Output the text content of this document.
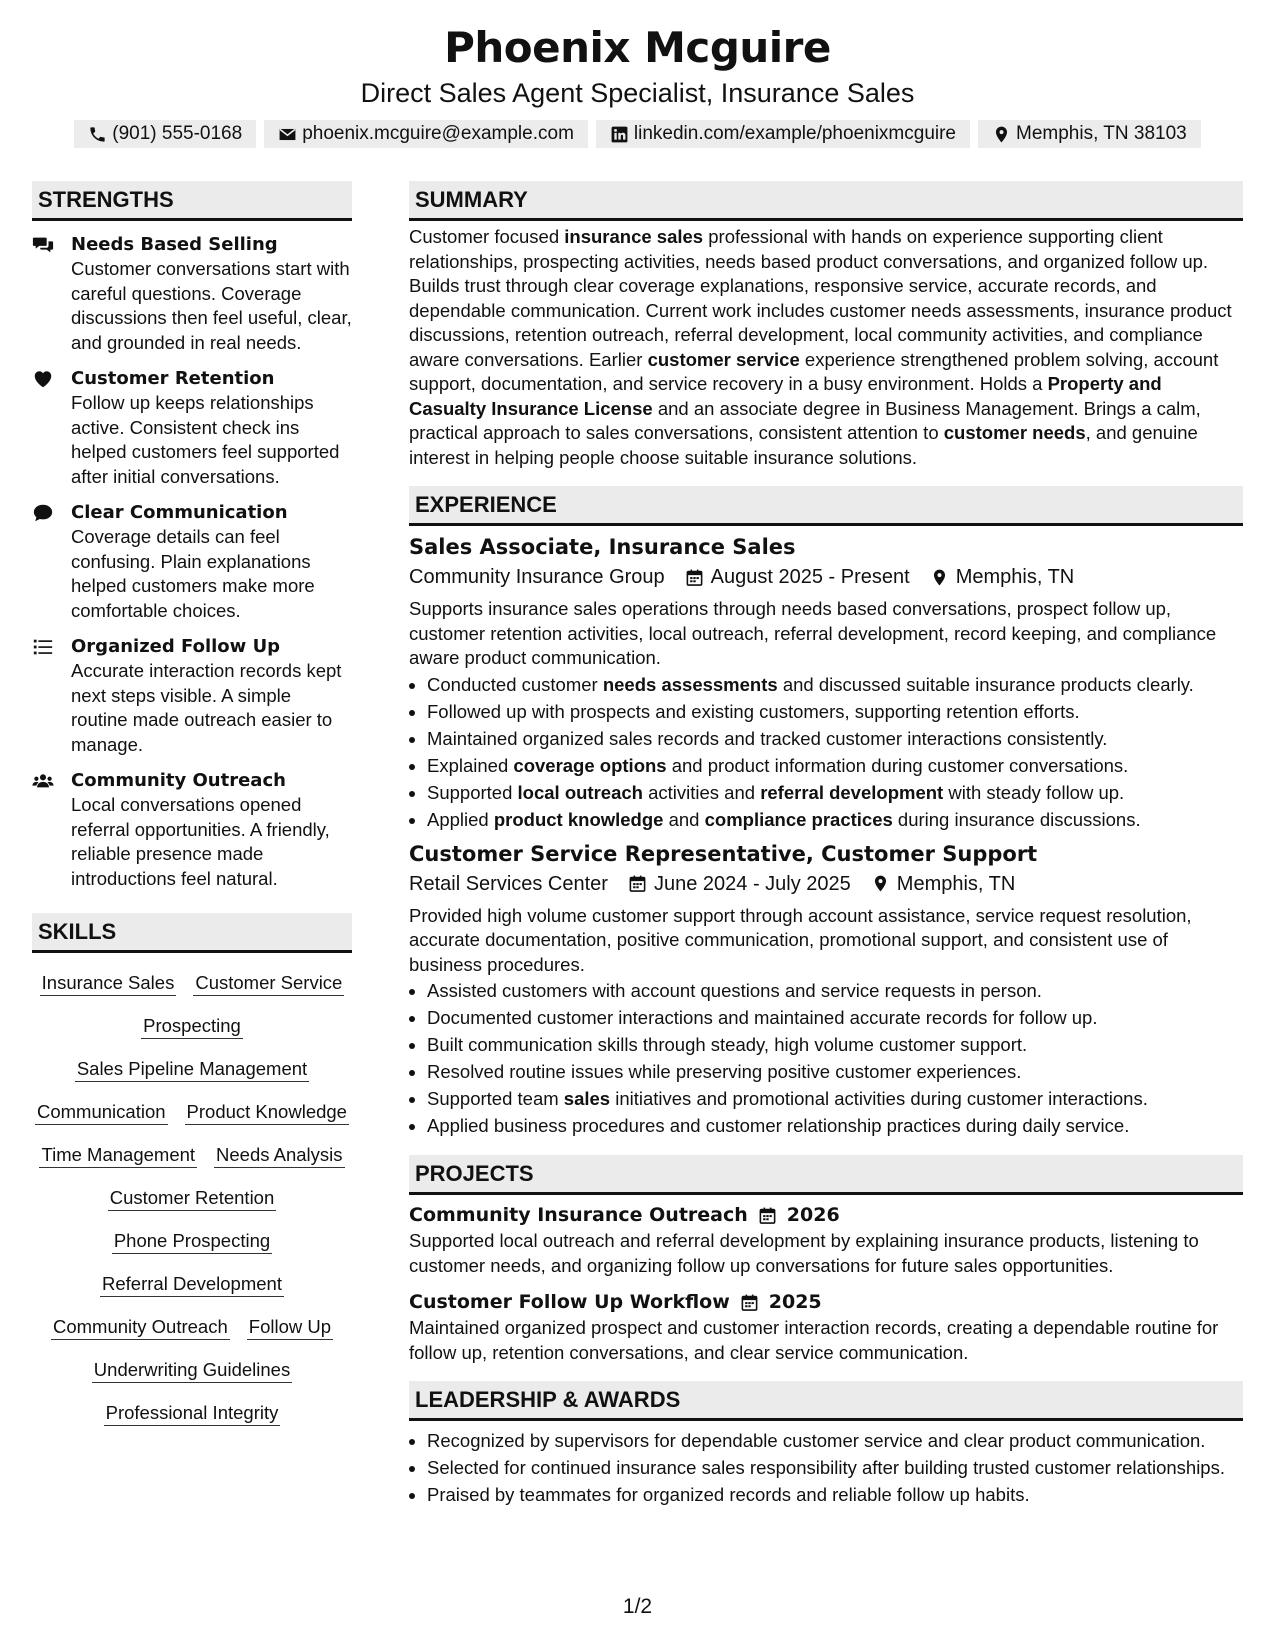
Phoenix Mcguire
Direct Sales Agent Specialist, Insurance Sales
(901) 555-0168	phoenix.mcguire@example.com	linkedin.com/example/phoenixmcguire	Memphis, TN 38103
STRENGTHS
Needs Based Selling
Customer conversations start with careful questions. Coverage discussions then feel useful, clear, and grounded in real needs.
Customer Retention
Follow up keeps relationships active. Consistent check ins helped customers feel supported after initial conversations.
Clear Communication
Coverage details can feel confusing. Plain explanations helped customers make more comfortable choices.
Organized Follow Up
Accurate interaction records kept next steps visible. A simple routine made outreach easier to manage.
Community Outreach
Local conversations opened referral opportunities. A friendly, reliable presence made introductions feel natural.
SKILLS
Insurance Sales Customer Service
Prospecting
Sales Pipeline Management
Communication Product Knowledge
Time Management Needs Analysis
Customer Retention
Phone Prospecting
Referral Development
Community Outreach Follow Up
Underwriting Guidelines
Professional Integrity
SUMMARY
Customer focused insurance sales professional with hands on experience supporting client relationships, prospecting activities, needs based product conversations, and organized follow up. Builds trust through clear coverage explanations, responsive service, accurate records, and dependable communication. Current work includes customer needs assessments, insurance product discussions, retention outreach, referral development, local community activities, and compliance aware conversations. Earlier customer service experience strengthened problem solving, account support, documentation, and service recovery in a busy environment. Holds a Property and Casualty Insurance License and an associate degree in Business Management. Brings a calm, practical approach to sales conversations, consistent attention to customer needs, and genuine interest in helping people choose suitable insurance solutions.
EXPERIENCE
Sales Associate, Insurance Sales
Community Insurance Group August 2025 - Present Memphis, TN
Supports insurance sales operations through needs based conversations, prospect follow up, customer retention activities, local outreach, referral development, record keeping, and compliance aware product communication.
• Conducted customer needs assessments and discussed suitable insurance products clearly.
• Followed up with prospects and existing customers, supporting retention efforts.
• Maintained organized sales records and tracked customer interactions consistently.
• Explained coverage options and product information during customer conversations.
• Supported local outreach activities and referral development with steady follow up.
• Applied product knowledge and compliance practices during insurance discussions.
Customer Service Representative, Customer Support
Retail Services Center June 2024 - July 2025 Memphis, TN
Provided high volume customer support through account assistance, service request resolution, accurate documentation, positive communication, promotional support, and consistent use of business procedures.
• Assisted customers with account questions and service requests in person.
• Documented customer interactions and maintained accurate records for follow up.
• Built communication skills through steady, high volume customer support.
• Resolved routine issues while preserving positive customer experiences.
• Supported team sales initiatives and promotional activities during customer interactions.
• Applied business procedures and customer relationship practices during daily service.
PROJECTS
Community Insurance Outreach 2026
Supported local outreach and referral development by explaining insurance products, listening to customer needs, and organizing follow up conversations for future sales opportunities.
Customer Follow Up Workflow 2025
Maintained organized prospect and customer interaction records, creating a dependable routine for follow up, retention conversations, and clear service communication.
LEADERSHIP & AWARDS
• Recognized by supervisors for dependable customer service and clear product communication.
• Selected for continued insurance sales responsibility after building trusted customer relationships.
• Praised by teammates for organized records and reliable follow up habits.
1/2
